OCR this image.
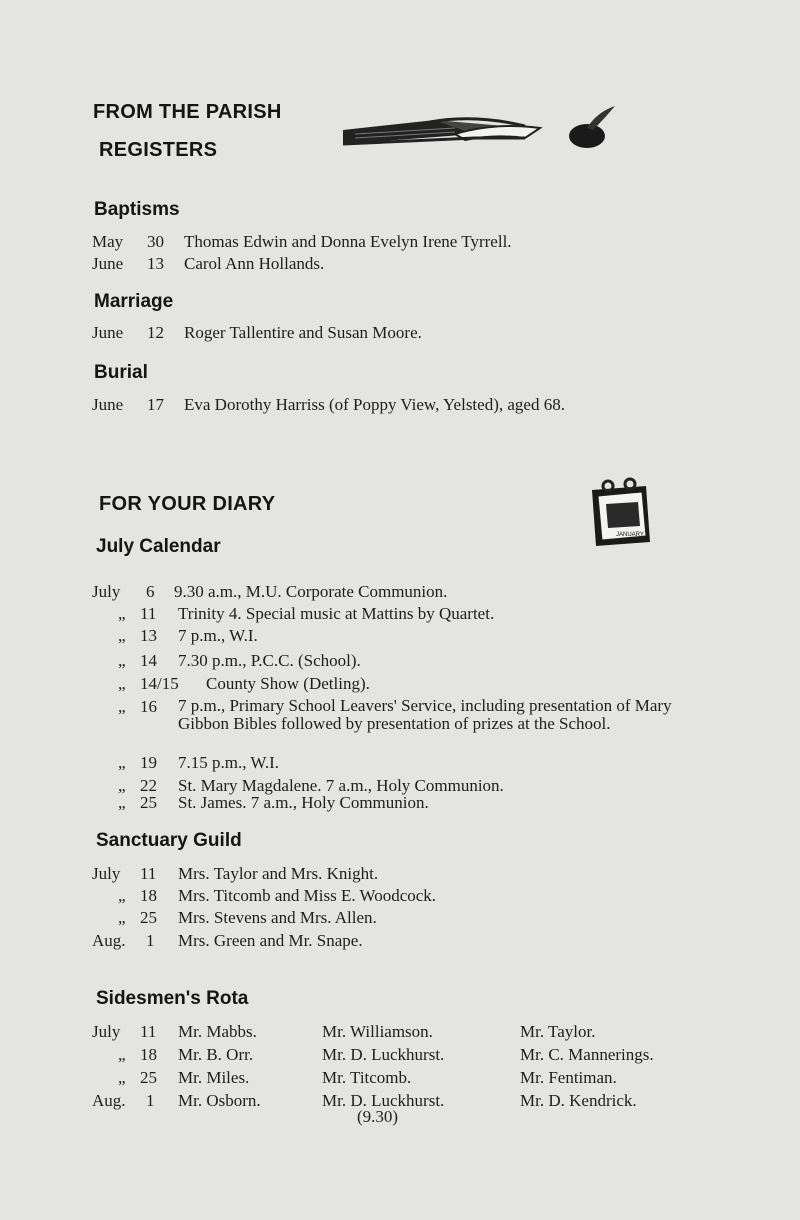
FROM THE PARISH
REGISTERS
Baptisms
May 30 Thomas Edwin and Donna Evelyn Irene Tyrrell.
June 13 Carol Ann Hollands.
Marriage
June 12 Roger Tallentire and Susan Moore.
Burial
June 17 Eva Dorothy Harriss (of Poppy View, Yelsted), aged 68.
FOR YOUR DIARY
JANUARY
July Calendar
July 6 9.30 a.m., M.U. Corporate Communion.
„ 11 Trinity 4. Special music at Mattins by Quartet.
„ 13 7 p.m., W.I.
„ 14 7.30 p.m., P.C.C. (School).
„ 14/15 County Show (Detling).
„ 16 7 p.m., Primary School Leavers' Service, including presentation of Mary Gibbon Bibles followed by presentation of prizes at the School.
„ 19 7.15 p.m., W.I.
„ 22 St. Mary Magdalene. 7 a.m., Holy Communion.
„ 25 St. James. 7 a.m., Holy Communion.
Sanctuary Guild
July 11 Mrs. Taylor and Mrs. Knight.
„ 18 Mrs. Titcomb and Miss E. Woodcock.
„ 25 Mrs. Stevens and Mrs. Allen.
Aug. 1 Mrs. Green and Mr. Snape.
Sidesmen's Rota
July 11 Mr. Mabbs.	Mr. Williamson.	Mr. Taylor.
„ 18 Mr. B. Orr.	Mr. D. Luckhurst.	Mr. C. Mannerings.
„ 25 Mr. Miles.	Mr. Titcomb.	Mr. Fentiman.
Aug. 1 Mr. Osborn.	Mr. D. Luckhurst.	Mr. D. Kendrick.
(9.30)
